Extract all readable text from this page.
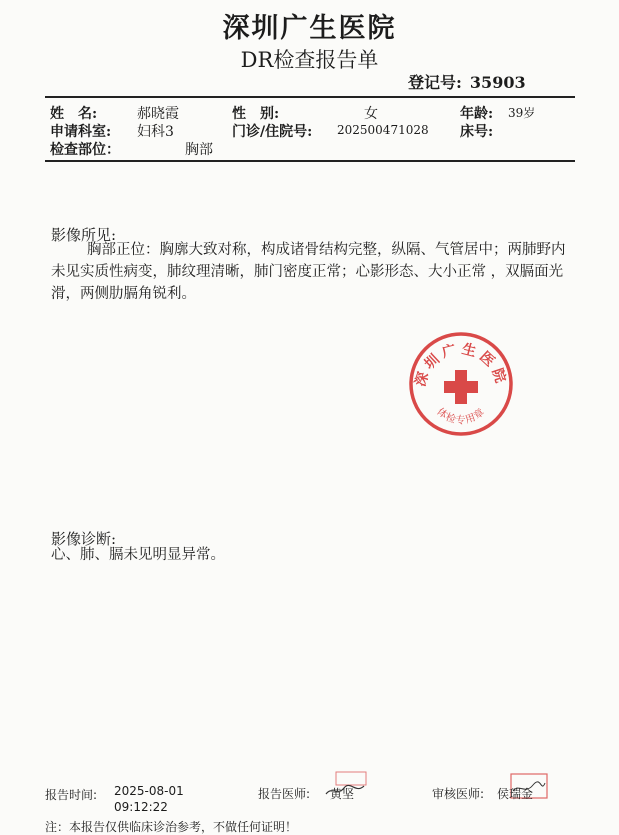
深圳广生医院
DR检查报告单
登记号: 35903
姓　名:	郝晓霞	性　别:	女	年龄: 39岁
申请科室: 妇科3	门诊/住院号: 202500471028 床号:
检查部位：	胸部
影像所见:
胸部正位：胸廓大致对称，构成诸骨结构完整，纵隔、气管居中；两肺野内未见实质性病变，肺纹理清晰，肺门密度正常；心影形态、大小正常 ，双膈面光滑，两侧肋膈角锐利。
深圳广生医院
体检专用章
影像诊断:
心、肺、膈未见明显异常。
报告时间: 2025-08-01
09:12:22
报告医师: 黄坚	审核医师: 侯瑞金
注：本报告仅供临床诊治参考，不做任何证明！
